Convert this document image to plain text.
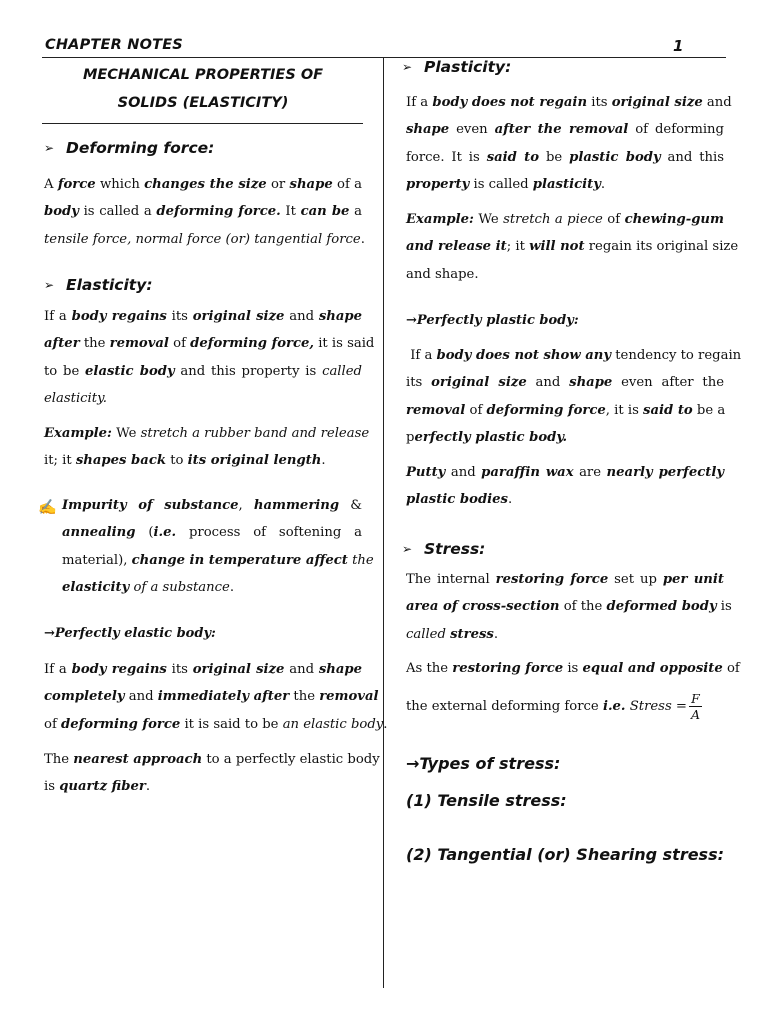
CHAPTER NOTES	1
MECHANICAL PROPERTIES OF
SOLIDS (ELASTICITY)
➢ Deforming force:
A force which changes the size or shape of a
body is called a deforming force. It can be a
tensile force, normal force (or) tangential force.
➢ Elasticity:
If a body regains its original size and shape
after the removal of deforming force, it is said
to be elastic body and this property is called
elasticity.
Example: We stretch a rubber band and release
it; it shapes back to its original length.
✍ Impurity of substance, hammering &
annealing (i.e. process of softening a
material), change in temperature affect the
elasticity of a substance.
→Perfectly elastic body:
If a body regains its original size and shape
completely and immediately after the removal
of deforming force it is said to be an elastic body.
The nearest approach to a perfectly elastic body
is quartz fiber.
➢ Plasticity:
If a body does not regain its original size and
shape even after the removal of deforming
force. It is said to be plastic body and this
property is called plasticity.
Example: We stretch a piece of chewing-gum
and release it; it will not regain its original size
and shape.
→Perfectly plastic body:
If a body does not show any tendency to regain
its original size and shape even after the
removal of deforming force, it is said to be a
perfectly plastic body.
Putty and paraffin wax are nearly perfectly
plastic bodies.
➢ Stress:
The internal restoring force set up per unit
area of cross-section of the deformed body is
called stress.
As the restoring force is equal and opposite of
the external deforming force i.e. Stress = $\frac{F}{A}$
→Types of stress:
(1) Tensile stress:
(2) Tangential (or) Shearing stress:
